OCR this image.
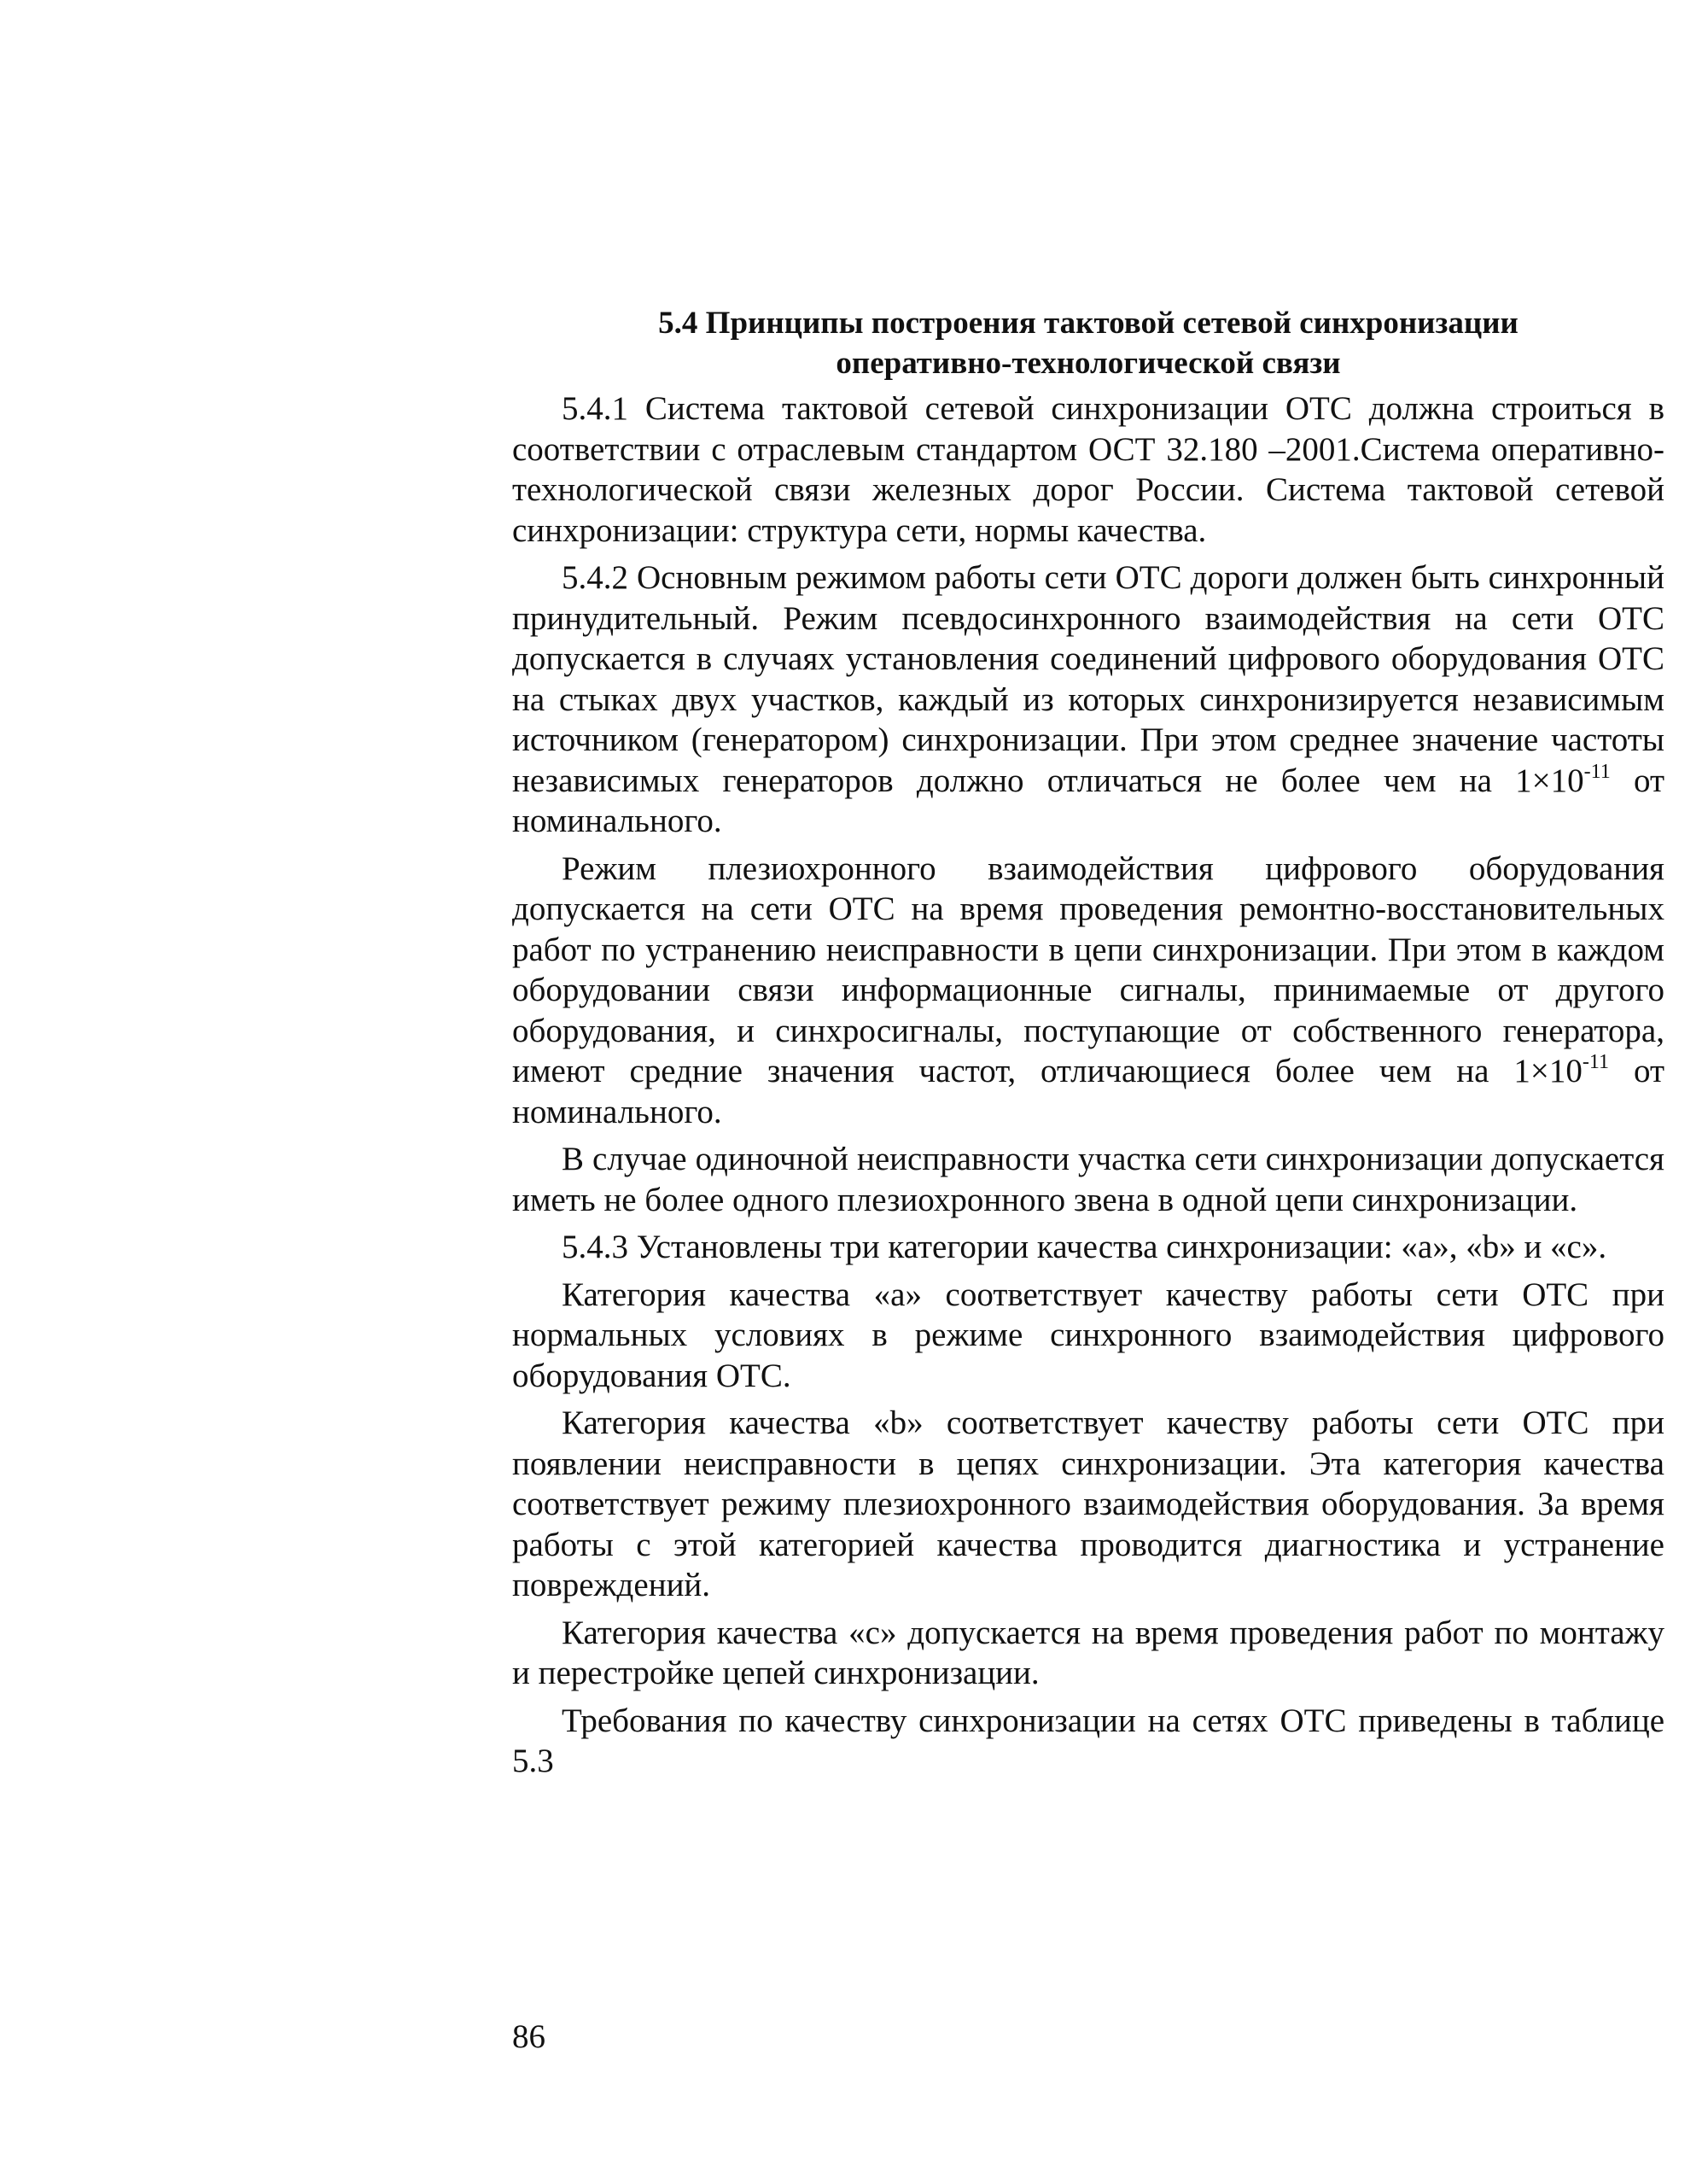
5.4 Принципы построения тактовой сетевой синхронизации
оперативно-технологической связи

5.4.1 Система тактовой сетевой синхронизации ОТС должна строиться в соответствии с отраслевым стандартом ОСТ 32.180 –2001.Система оперативно-технологической связи железных дорог России. Система тактовой сетевой синхронизации: структура сети, нормы качества.

5.4.2 Основным режимом работы сети ОТС дороги должен быть синхронный принудительный. Режим псевдосинхронного взаимодействия на сети ОТС допускается в случаях установления соединений цифрового оборудования ОТС на стыках двух участков, каждый из которых синхронизируется независимым источником (генератором) синхронизации. При этом среднее значение частоты независимых генераторов должно отличаться не более чем на $1\times 10^{-11}$ от номинального.

Режим плезиохронного взаимодействия цифрового оборудования допускается на сети ОТС на время проведения ремонтно-восстановительных работ по устранению неисправности в цепи синхронизации. При этом в каждом оборудовании связи информационные сигналы, принимаемые от другого оборудования, и синхросигналы, поступающие от собственного генератора, имеют средние значения частот, отличающиеся более чем на $1\times 10^{-11}$ от номинального.

В случае одиночной неисправности участка сети синхронизации допускается иметь не более одного плезиохронного звена в одной цепи синхронизации.

5.4.3 Установлены три категории качества синхронизации: «а», «b» и «с».

Категория качества «а» соответствует качеству работы сети ОТС при нормальных условиях в режиме синхронного взаимодействия цифрового оборудования ОТС.

Категория качества «b» соответствует качеству работы сети ОТС при появлении неисправности в цепях синхронизации. Эта категория качества соответствует режиму плезиохронного взаимодействия оборудования. За время работы с этой категорией качества проводится диагностика и устранение повреждений.

Категория качества «с» допускается на время проведения работ по монтажу и перестройке цепей синхронизации.

Требования по качеству синхронизации на сетях ОТС приведены в таблице 5.3

86
